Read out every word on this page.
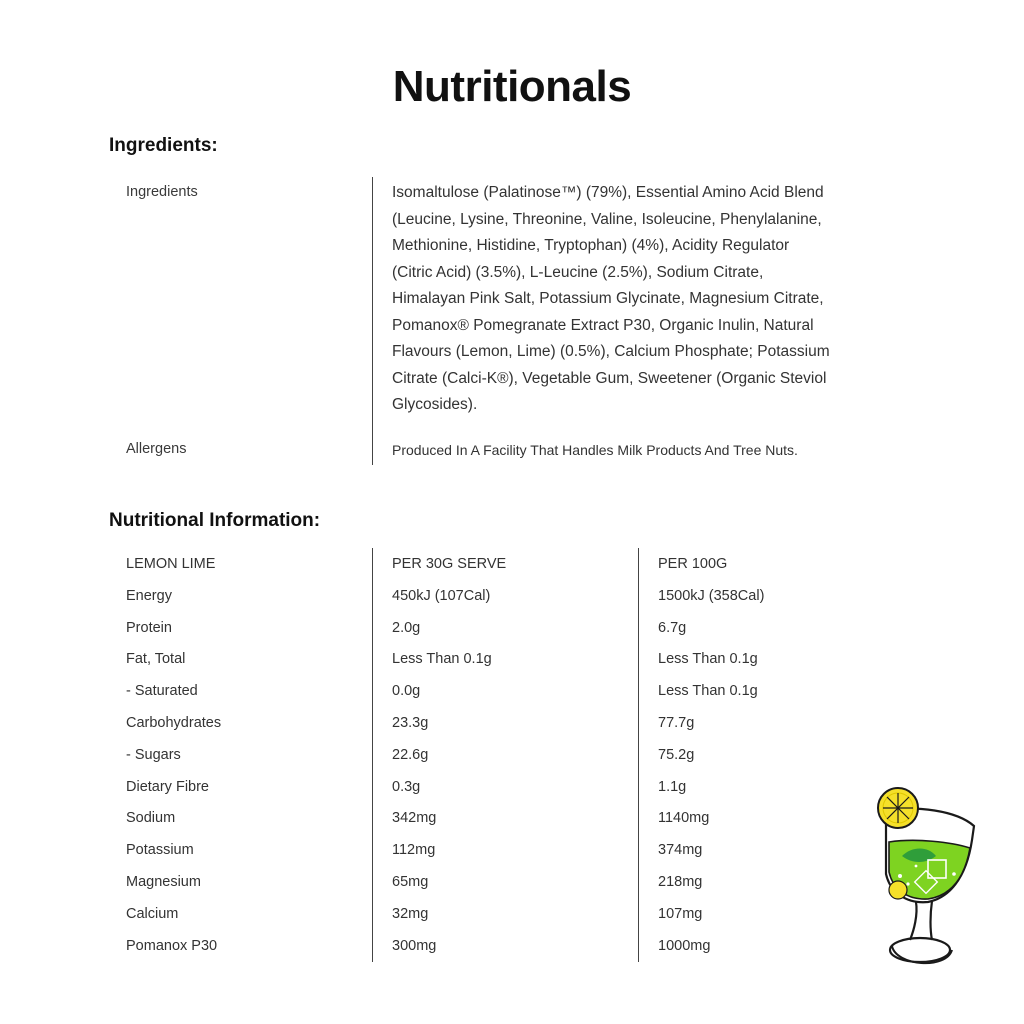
Nutritionals
Ingredients:
Ingredients	Isomaltulose (Palatinose™) (79%), Essential Amino Acid Blend
(Leucine, Lysine, Threonine, Valine, Isoleucine, Phenylalanine,
Methionine, Histidine, Tryptophan) (4%), Acidity Regulator
(Citric Acid) (3.5%), L-Leucine (2.5%), Sodium Citrate,
Himalayan Pink Salt, Potassium Glycinate, Magnesium Citrate,
Pomanox® Pomegranate Extract P30, Organic Inulin, Natural
Flavours (Lemon, Lime) (0.5%), Calcium Phosphate; Potassium
Citrate (Calci-K®), Vegetable Gum, Sweetener (Organic Steviol
Glycosides).
Allergens	Produced In A Facility That Handles Milk Products And Tree Nuts.
Nutritional Information:
LEMON LIME	PER 30G SERVE	PER 100G
Energy	450kJ (107Cal)	1500kJ (358Cal)
Protein	2.0g	6.7g
Fat, Total	Less Than 0.1g	Less Than 0.1g
- Saturated	0.0g	Less Than 0.1g
Carbohydrates	23.3g	77.7g
- Sugars	22.6g	75.2g
Dietary Fibre	0.3g	1.1g
Sodium	342mg	1140mg
Potassium	112mg	374mg
Magnesium	65mg	218mg
Calcium	32mg	107mg
Pomanox P30	300mg	1000mg
